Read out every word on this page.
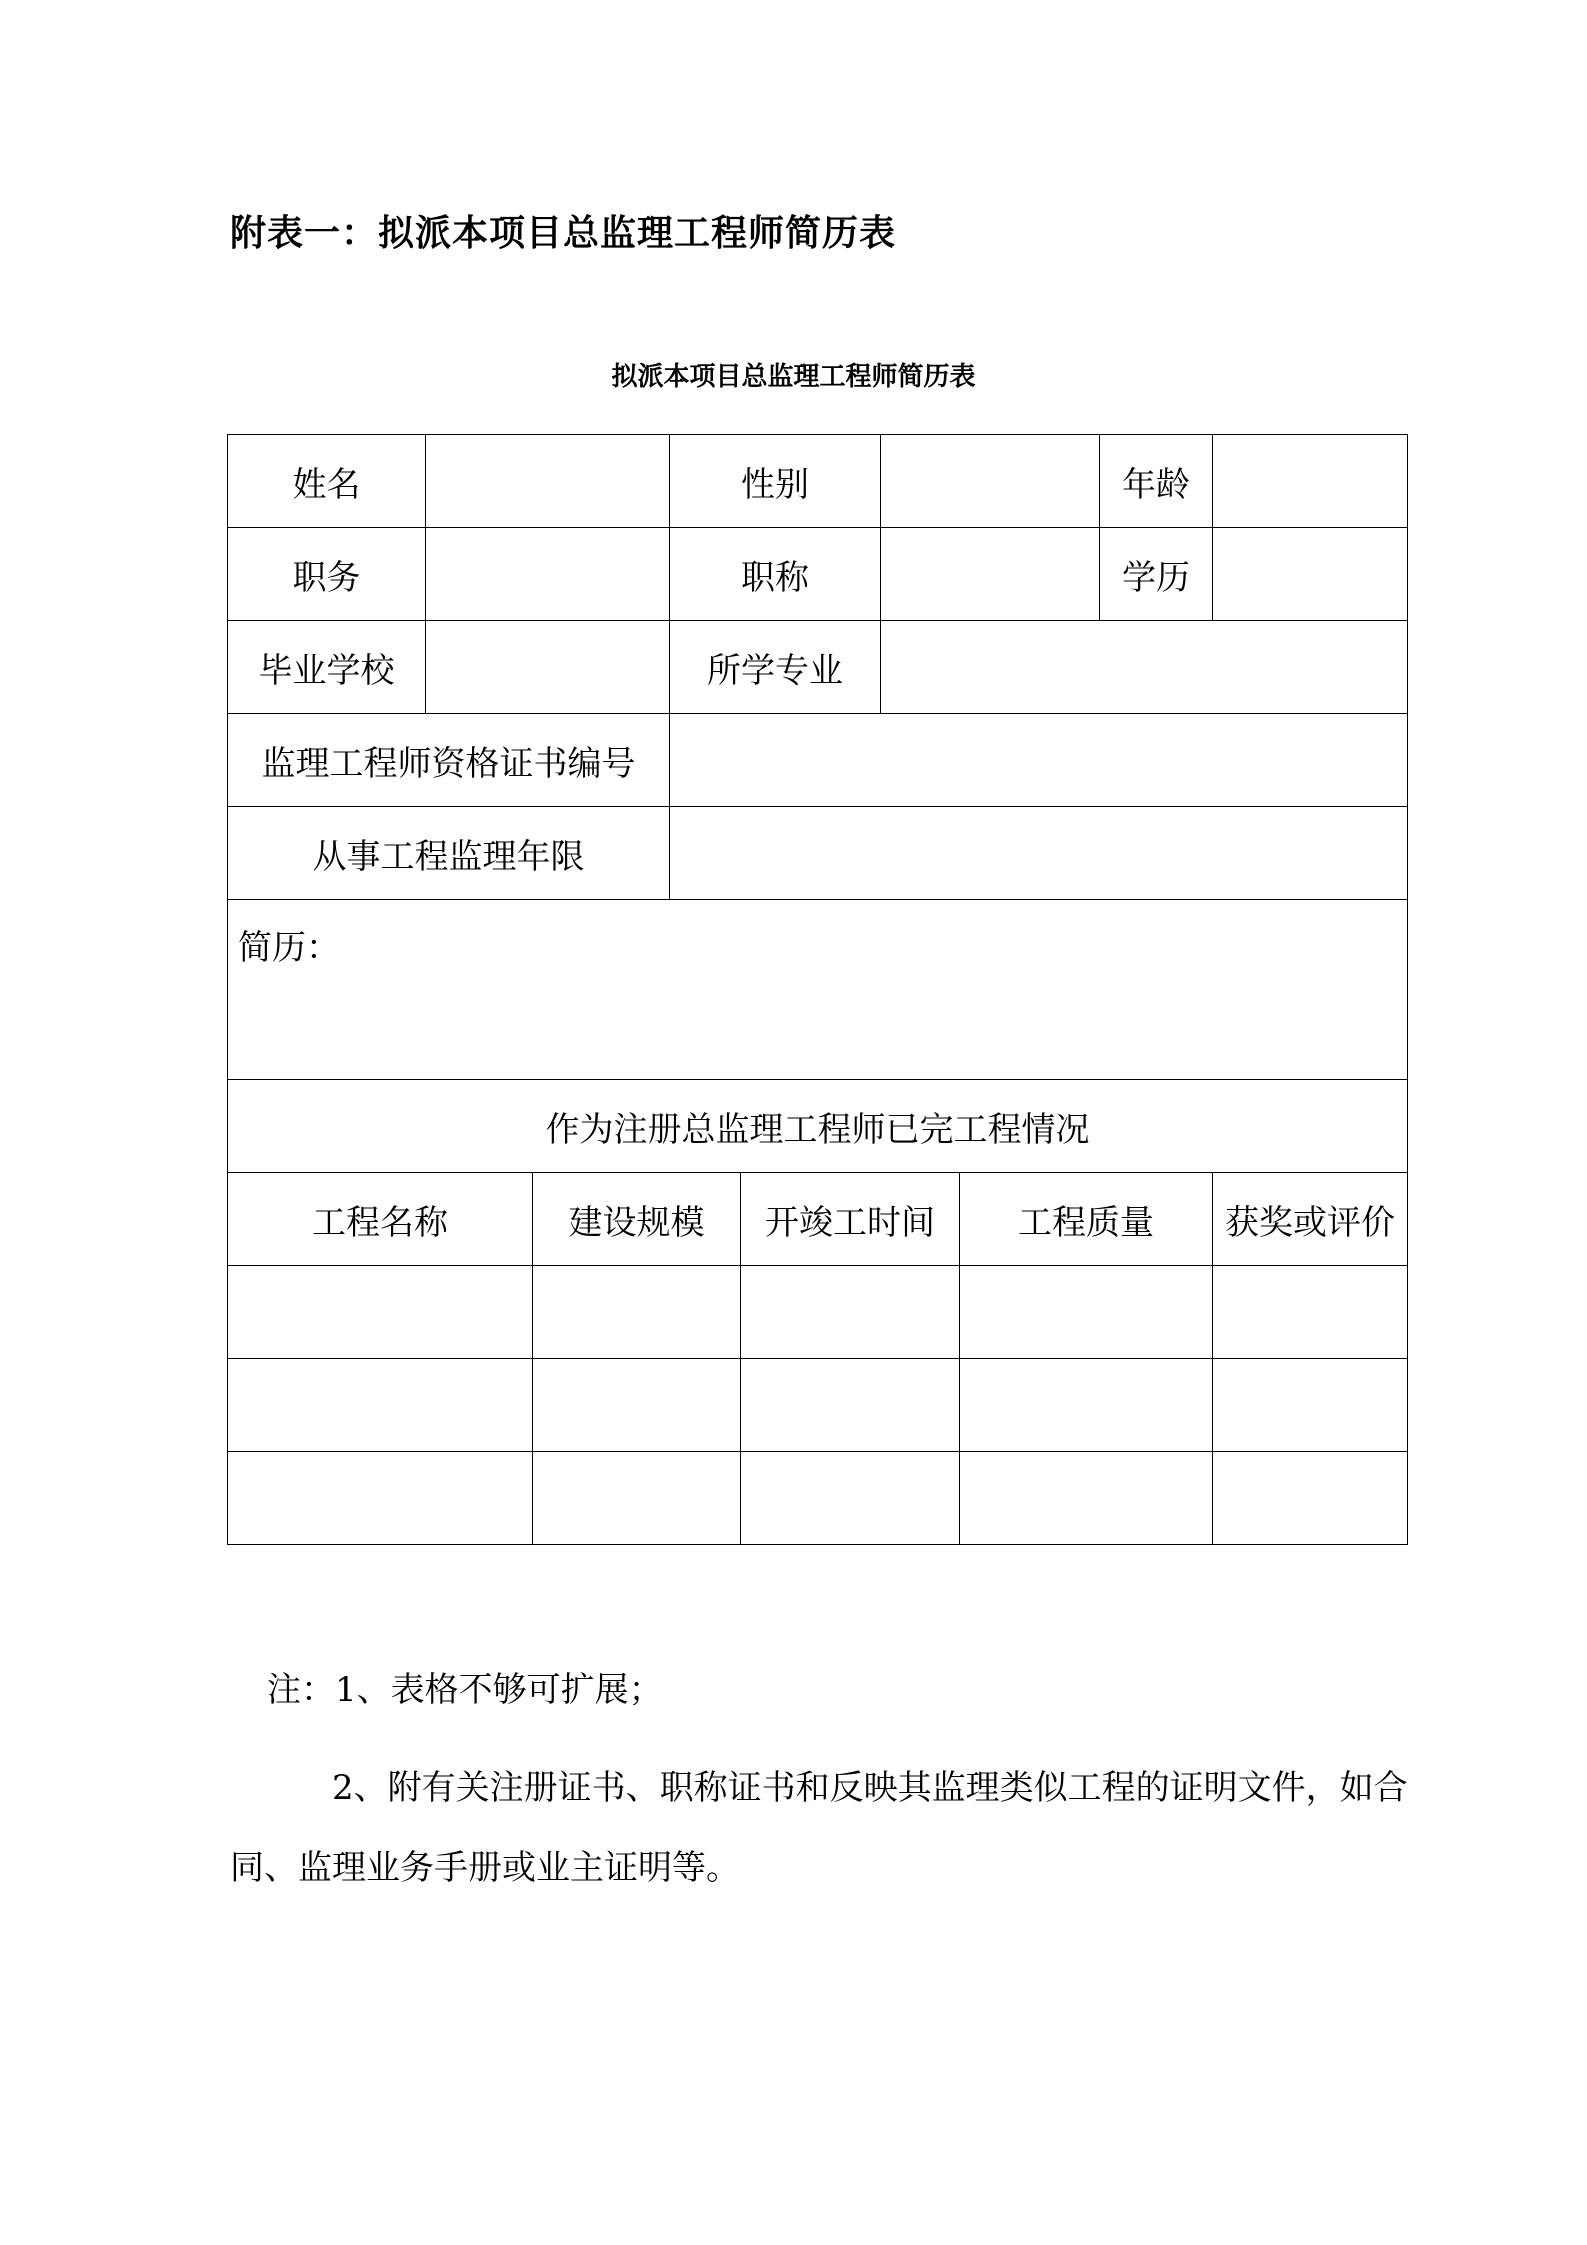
附表一：拟派本项目总监理工程师简历表
拟派本项目总监理工程师简历表
姓名			性别				年龄	
职务			职称				学历	
毕业学校			所学专业					
监理工程师资格证书编号								
从事工程监理年限								
简历：								
作为注册总监理工程师已完工程情况								
工程名称		建设规模		开竣工时间		工程质量		获奖或评价

注：1、表格不够可扩展；
2、附有关注册证书、职称证书和反映其监理类似工程的证明文件，如合同、监理业务手册或业主证明等。
